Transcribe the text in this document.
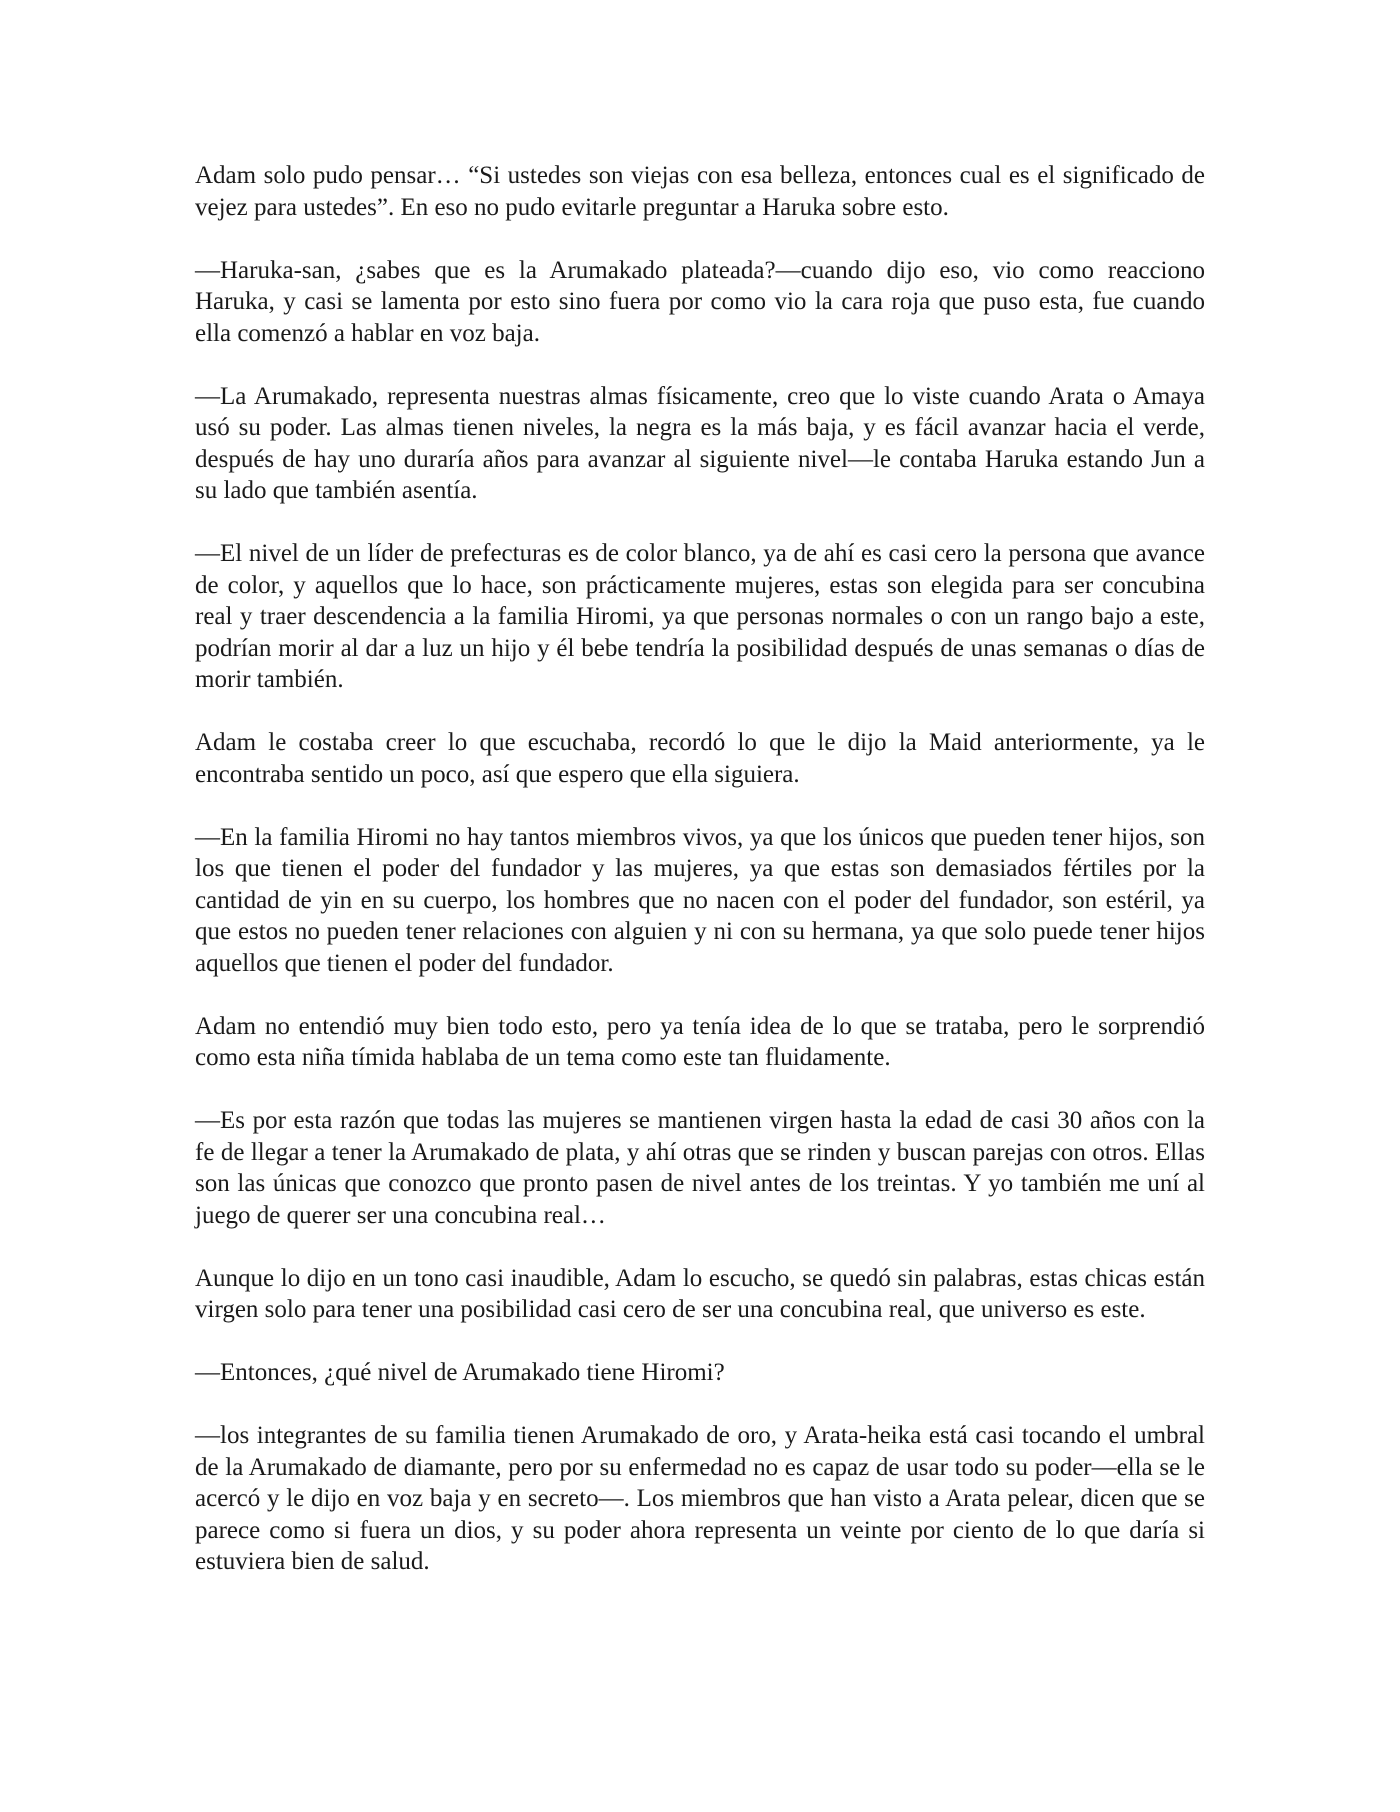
Adam solo pudo pensar… “Si ustedes son viejas con esa belleza, entonces cual es el significado de vejez para ustedes”. En eso no pudo evitarle preguntar a Haruka sobre esto.

—Haruka-san, ¿sabes que es la Arumakado plateada?—cuando dijo eso, vio como reacciono Haruka, y casi se lamenta por esto sino fuera por como vio la cara roja que puso esta, fue cuando ella comenzó a hablar en voz baja.

—La Arumakado, representa nuestras almas físicamente, creo que lo viste cuando Arata o Amaya usó su poder. Las almas tienen niveles, la negra es la más baja, y es fácil avanzar hacia el verde, después de hay uno duraría años para avanzar al siguiente nivel—le contaba Haruka estando Jun a su lado que también asentía.

—El nivel de un líder de prefecturas es de color blanco, ya de ahí es casi cero la persona que avance de color, y aquellos que lo hace, son prácticamente mujeres, estas son elegida para ser concubina real y traer descendencia a la familia Hiromi, ya que personas normales o con un rango bajo a este, podrían morir al dar a luz un hijo y él bebe tendría la posibilidad después de unas semanas o días de morir también.

Adam le costaba creer lo que escuchaba, recordó lo que le dijo la Maid anteriormente, ya le encontraba sentido un poco, así que espero que ella siguiera.

—En la familia Hiromi no hay tantos miembros vivos, ya que los únicos que pueden tener hijos, son los que tienen el poder del fundador y las mujeres, ya que estas son demasiados fértiles por la cantidad de yin en su cuerpo, los hombres que no nacen con el poder del fundador, son estéril, ya que estos no pueden tener relaciones con alguien y ni con su hermana, ya que solo puede tener hijos aquellos que tienen el poder del fundador.

Adam no entendió muy bien todo esto, pero ya tenía idea de lo que se trataba, pero le sorprendió como esta niña tímida hablaba de un tema como este tan fluidamente.

—Es por esta razón que todas las mujeres se mantienen virgen hasta la edad de casi 30 años con la fe de llegar a tener la Arumakado de plata, y ahí otras que se rinden y buscan parejas con otros. Ellas son las únicas que conozco que pronto pasen de nivel antes de los treintas. Y yo también me uní al juego de querer ser una concubina real…

Aunque lo dijo en un tono casi inaudible, Adam lo escucho, se quedó sin palabras, estas chicas están virgen solo para tener una posibilidad casi cero de ser una concubina real, que universo es este.

—Entonces, ¿qué nivel de Arumakado tiene Hiromi?

—los integrantes de su familia tienen Arumakado de oro, y Arata-heika está casi tocando el umbral de la Arumakado de diamante, pero por su enfermedad no es capaz de usar todo su poder—ella se le acercó y le dijo en voz baja y en secreto—. Los miembros que han visto a Arata pelear, dicen que se parece como si fuera un dios, y su poder ahora representa un veinte por ciento de lo que daría si estuviera bien de salud.
